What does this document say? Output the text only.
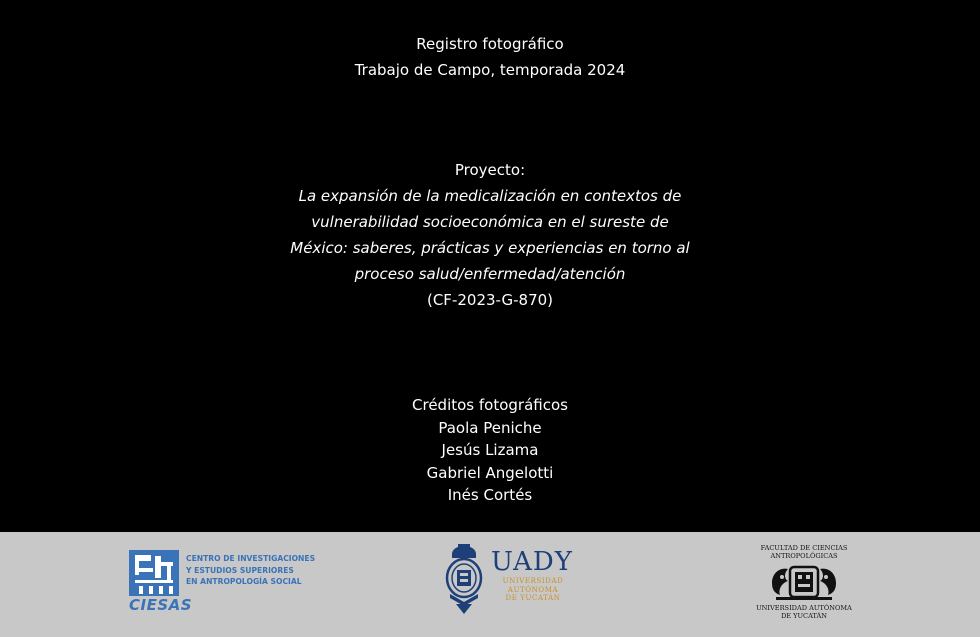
Registro fotográfico
Trabajo de Campo, temporada 2024
Proyecto:
La expansión de la medicalización en contextos de
vulnerabilidad socioeconómica en el sureste de
México: saberes, prácticas y experiencias en torno al
proceso salud/enfermedad/atención
(CF-2023-G-870)
Créditos fotográficos
Paola Peniche
Jesús Lizama
Gabriel Angelotti
Inés Cortés
CIESAS
CENTRO DE INVESTIGACIONES
Y ESTUDIOS SUPERIORES
EN ANTROPOLOGÍA SOCIAL
UADY
UNIVERSIDAD
AUTÓNOMA
DE YUCATÁN
FACULTAD DE CIENCIAS
ANTROPOLÓGICAS
UNIVERSIDAD AUTÓNOMA
DE YUCATÁN
